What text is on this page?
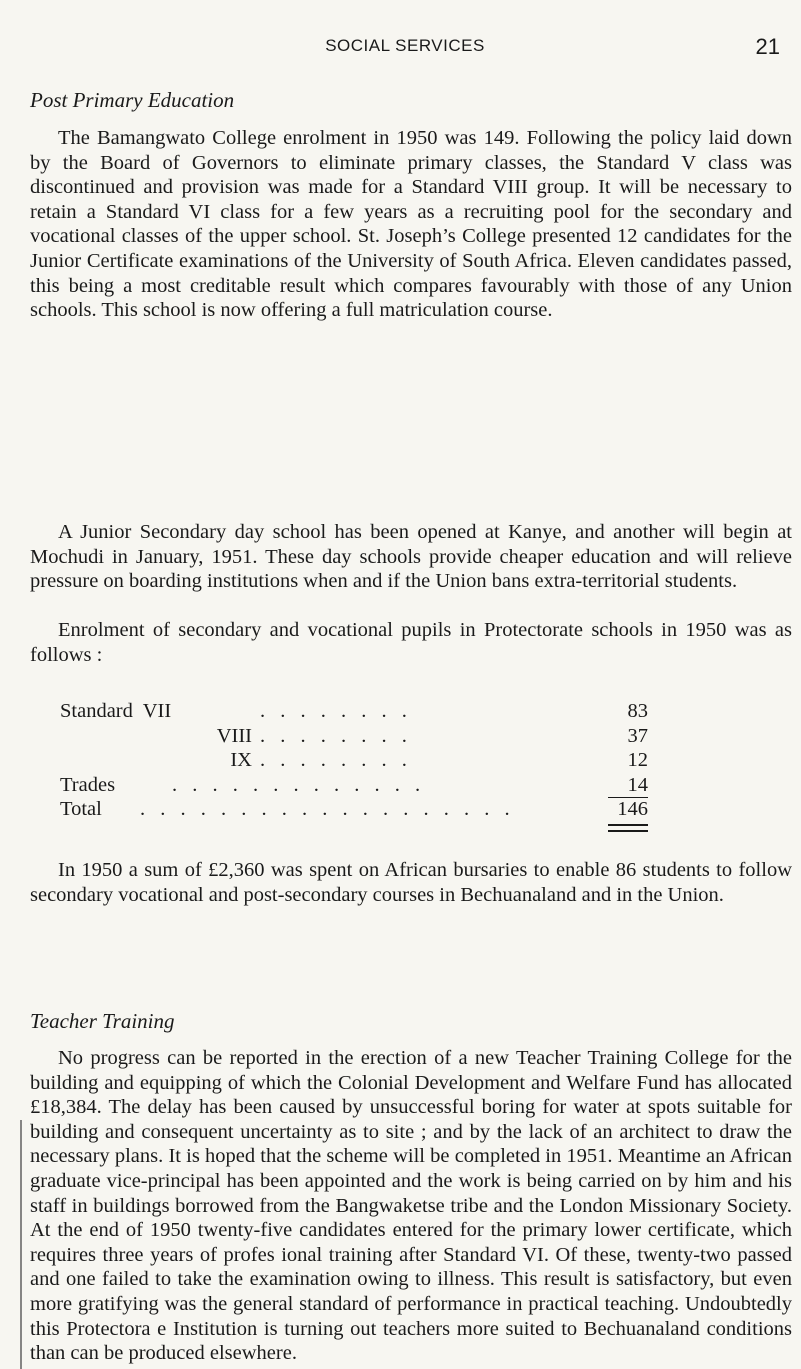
SOCIAL SERVICES	21
Post Primary Education

The Bamangwato College enrolment in 1950 was 149. Following the policy laid down by the Board of Governors to eliminate primary classes, the Standard V class was discontinued and provision was made for a Standard VIII group. It will be necessary to retain a Standard VI class for a few years as a recruiting pool for the secondary and vocational classes of the upper school. St. Joseph’s College presented 12 candidates for the Junior Certificate examinations of the University of South Africa. Eleven candidates passed, this being a most creditable result which compares favourably with those of any Union schools. This school is now offering a full matriculation course.

A Junior Secondary day school has been opened at Kanye, and another will begin at Mochudi in January, 1951. These day schools provide cheaper education and will relieve pressure on boarding institutions when and if the Union bans extra-territorial students.

Enrolment of secondary and vocational pupils in Protectorate schools in 1950 was as follows :

Standard  VII	. . . . . . . .	83
VIII . . . . . . . .	37
IX . . . . . . . .	12
Trades	. . . . . . . . . . . . .	14
Total	. . . . . . . . . . . . . . . . . . .	146

In 1950 a sum of £2,360 was spent on African bursaries to enable 86 students to follow secondary vocational and post-secondary courses in Bechuanaland and in the Union.

Teacher Training

No progress can be reported in the erection of a new Teacher Training College for the building and equipping of which the Colonial Development and Welfare Fund has allocated £18,384. The delay has been caused by unsuccessful boring for water at spots suitable for building and consequent uncertainty as to site ; and by the lack of an architect to draw the necessary plans. It is hoped that the scheme will be completed in 1951. Meantime an African graduate vice-principal has been appointed and the work is being carried on by him and his staff in buildings borrowed from the Bangwaketse tribe and the London Missionary Society. At the end of 1950 twenty-five candidates entered for the primary lower certificate, which requires three years of profes ional training after Standard VI. Of these, twenty-two passed and one failed to take the examination owing to illness. This result is satisfactory, but even more gratifying was the general standard of performance in practical teaching. Undoubtedly this Protectora e Institution is turning out teachers more suited to Bechuanaland conditions than can be produced elsewhere.
